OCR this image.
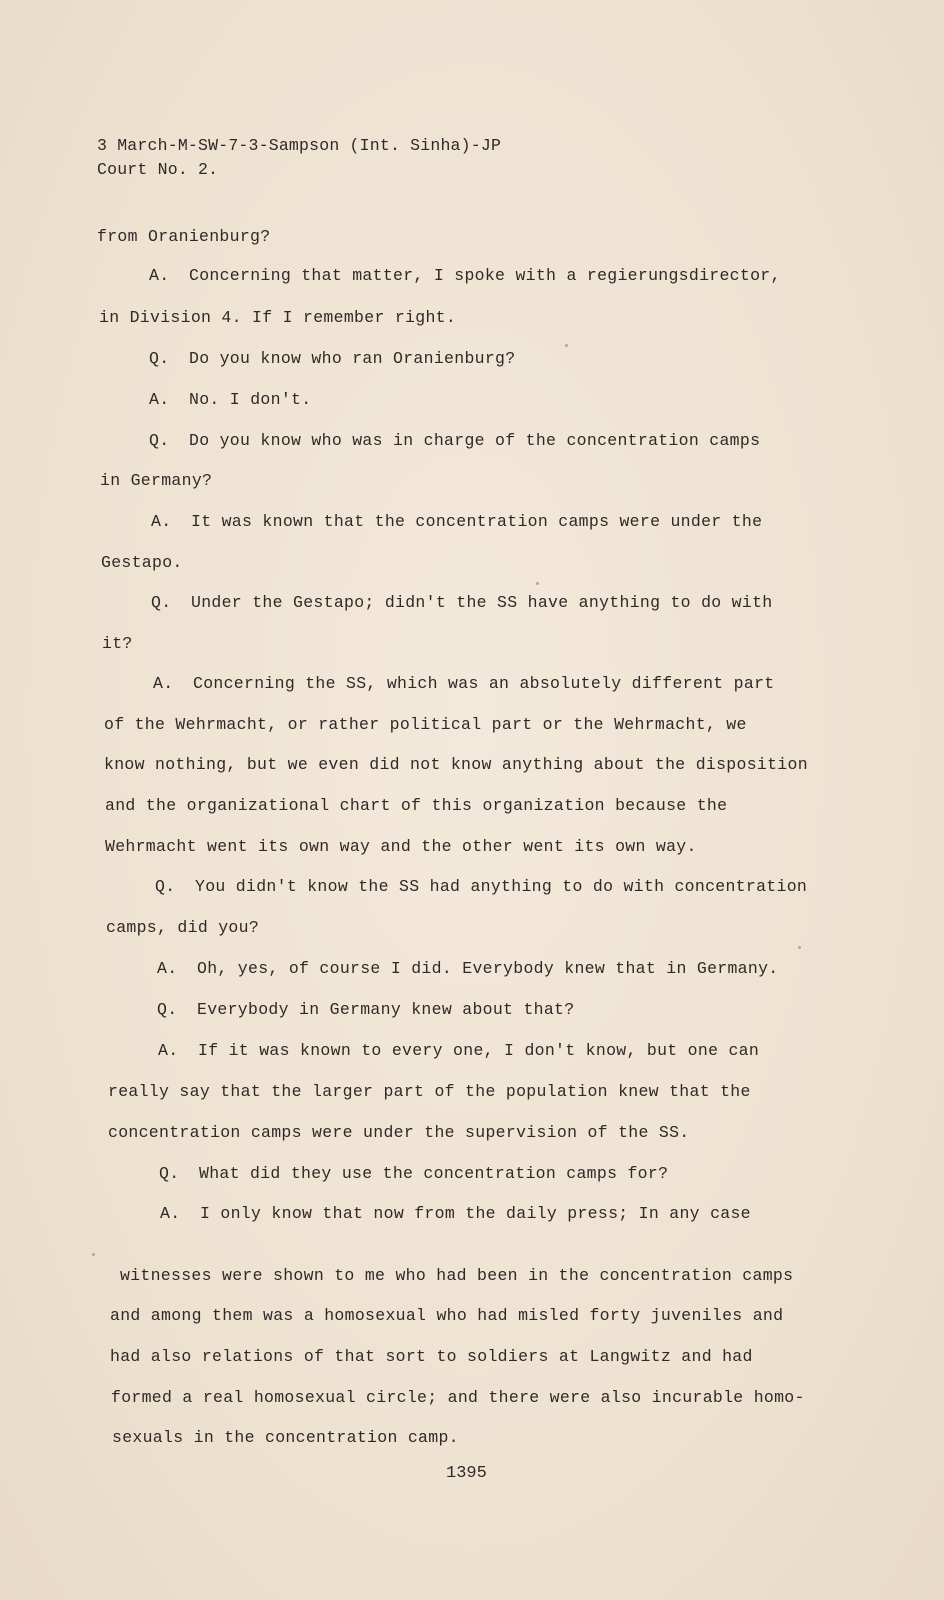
3 March-M-SW-7-3-Sampson (Int. Sinha)-JP
Court No. 2.
from Oranienburg?
A. Concerning that matter, I spoke with a regierungsdirector,
in Division 4. If I remember right.
Q. Do you know who ran Oranienburg?
A. No. I don't.
Q. Do you know who was in charge of the concentration camps
in Germany?
A. It was known that the concentration camps were under the
Gestapo.
Q. Under the Gestapo; didn't the SS have anything to do with
it?
A. Concerning the SS, which was an absolutely different part
of the Wehrmacht, or rather political part or the Wehrmacht, we
know nothing, but we even did not know anything about the disposition
and the organizational chart of this organization because the
Wehrmacht went its own way and the other went its own way.
Q. You didn't know the SS had anything to do with concentration
camps, did you?
A. Oh, yes, of course I did. Everybody knew that in Germany.
Q. Everybody in Germany knew about that?
A. If it was known to every one, I don't know, but one can
really say that the larger part of the population knew that the
concentration camps were under the supervision of the SS.
Q. What did they use the concentration camps for?
A. I only know that now from the daily press; In any case
witnesses were shown to me who had been in the concentration camps
and among them was a homosexual who had misled forty juveniles and
had also relations of that sort to soldiers at Langwitz and had
formed a real homosexual circle; and there were also incurable homo-
sexuals in the concentration camp.
1395
